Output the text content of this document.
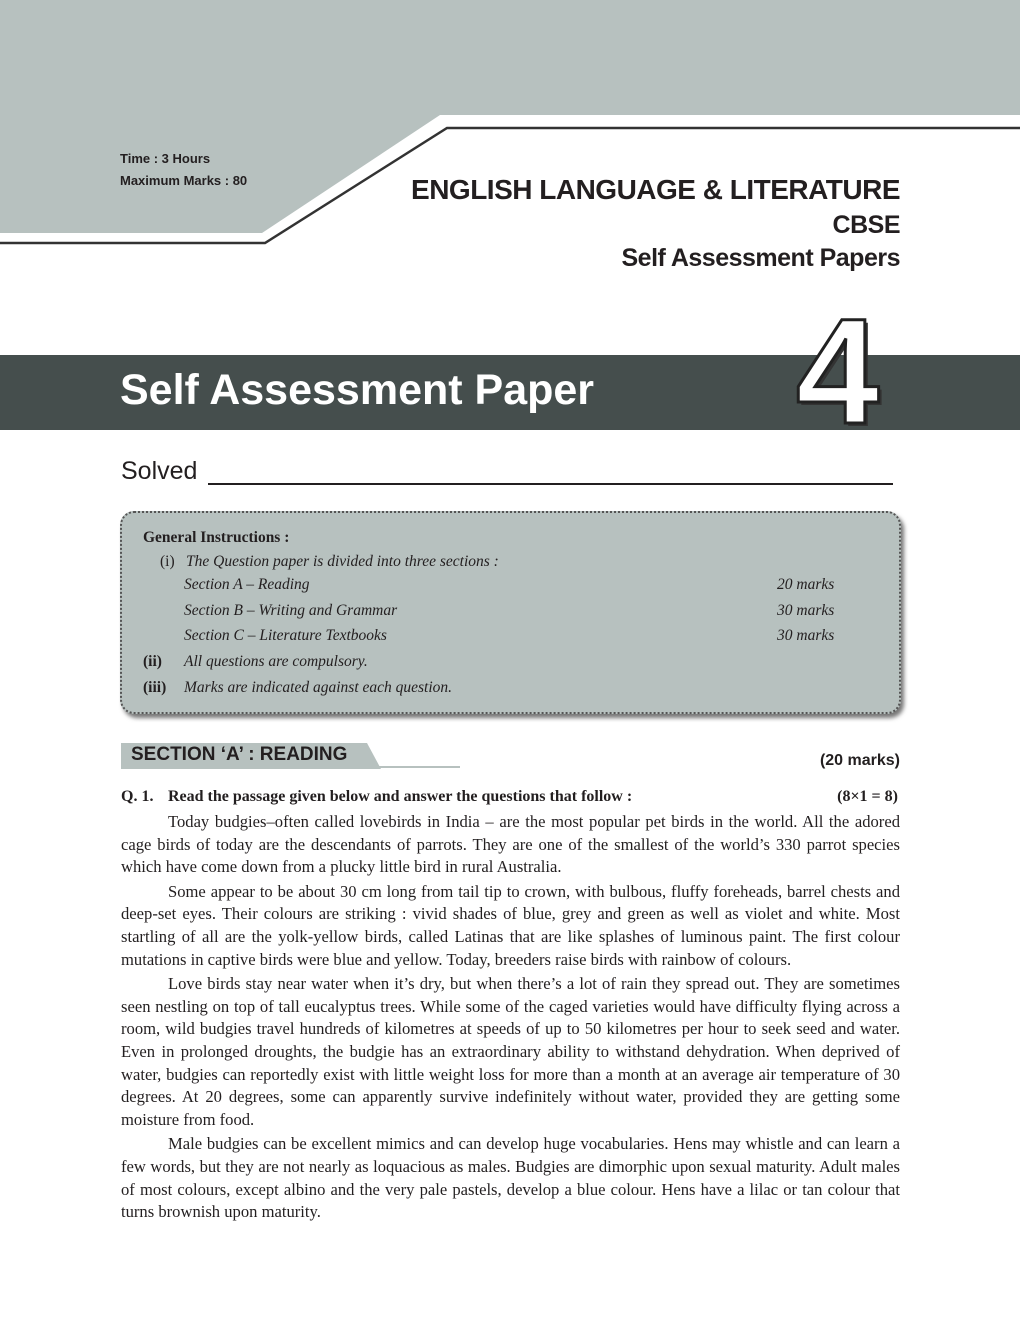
Time : 3 Hours
Maximum Marks : 80	ENGLISH LANGUAGE & LITERATURE
CBSE
Self Assessment Papers
Self Assessment Paper 4
Solved
General Instructions :
(i) The Question paper is divided into three sections :
Section A – Reading	20 marks
Section B – Writing and Grammar	30 marks
Section C – Literature Textbooks	30 marks
(ii) All questions are compulsory.
(iii) Marks are indicated against each question.
SECTION ‘A’ : READING	(20 marks)
Q. 1. Read the passage given below and answer the questions that follow :	(8×1 = 8)

Today budgies–often called lovebirds in India – are the most popular pet birds in the world. All the adored cage birds of today are the descendants of parrots. They are one of the smallest of the world’s 330 parrot species which have come down from a plucky little bird in rural Australia.

Some appear to be about 30 cm long from tail tip to crown, with bulbous, fluffy foreheads, barrel chests and deep-set eyes. Their colours are striking : vivid shades of blue, grey and green as well as violet and white. Most startling of all are the yolk-yellow birds, called Latinas that are like splashes of luminous paint. The first colour mutations in captive birds were blue and yellow. Today, breeders raise birds with rainbow of colours.

Love birds stay near water when it’s dry, but when there’s a lot of rain they spread out. They are sometimes seen nestling on top of tall eucalyptus trees. While some of the caged varieties would have difficulty flying across a room, wild budgies travel hundreds of kilometres at speeds of up to 50 kilometres per hour to seek seed and water. Even in prolonged droughts, the budgie has an extraordinary ability to withstand dehydration. When deprived of water, budgies can reportedly exist with little weight loss for more than a month at an average air temperature of 30 degrees. At 20 degrees, some can apparently survive indefinitely without water, provided they are getting some moisture from food.

Male budgies can be excellent mimics and can develop huge vocabularies. Hens may whistle and can learn a few words, but they are not nearly as loquacious as males. Budgies are dimorphic upon sexual maturity. Adult males of most colours, except albino and the very pale pastels, develop a blue colour. Hens have a lilac or tan colour that turns brownish upon maturity.
